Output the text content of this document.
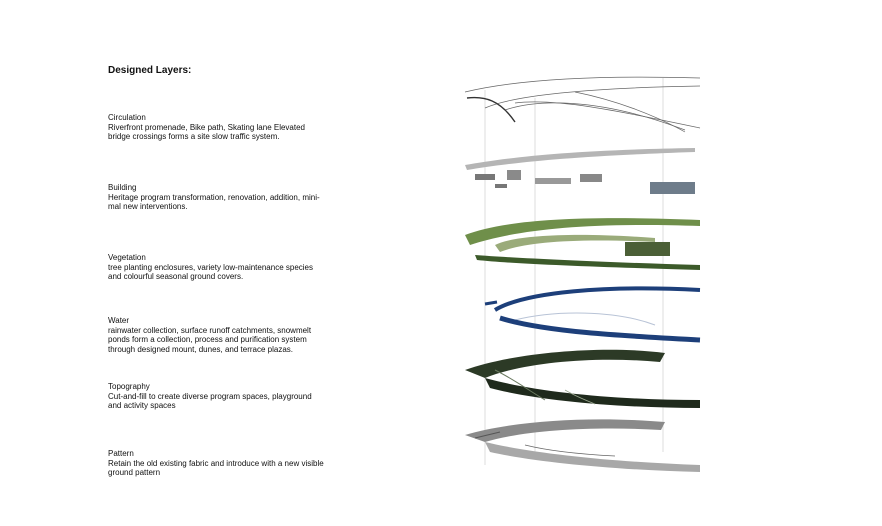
Designed Layers:
Circulation
Riverfront promenade, Bike path, Skating lane Elevated
bridge crossings forms a site slow traffic system.
Building
Heritage program transformation, renovation, addition, mini-
mal new interventions.
Vegetation
tree planting enclosures, variety low-maintenance species
and colourful seasonal ground covers.
Water
rainwater collection, surface runoff catchments, snowmelt
ponds form a collection, process and purification system
through designed mount, dunes, and terrace plazas.
Topography
Cut-and-fill to create diverse program spaces, playground
and activity spaces
Pattern
Retain the old existing fabric and introduce with a new visible
ground pattern
